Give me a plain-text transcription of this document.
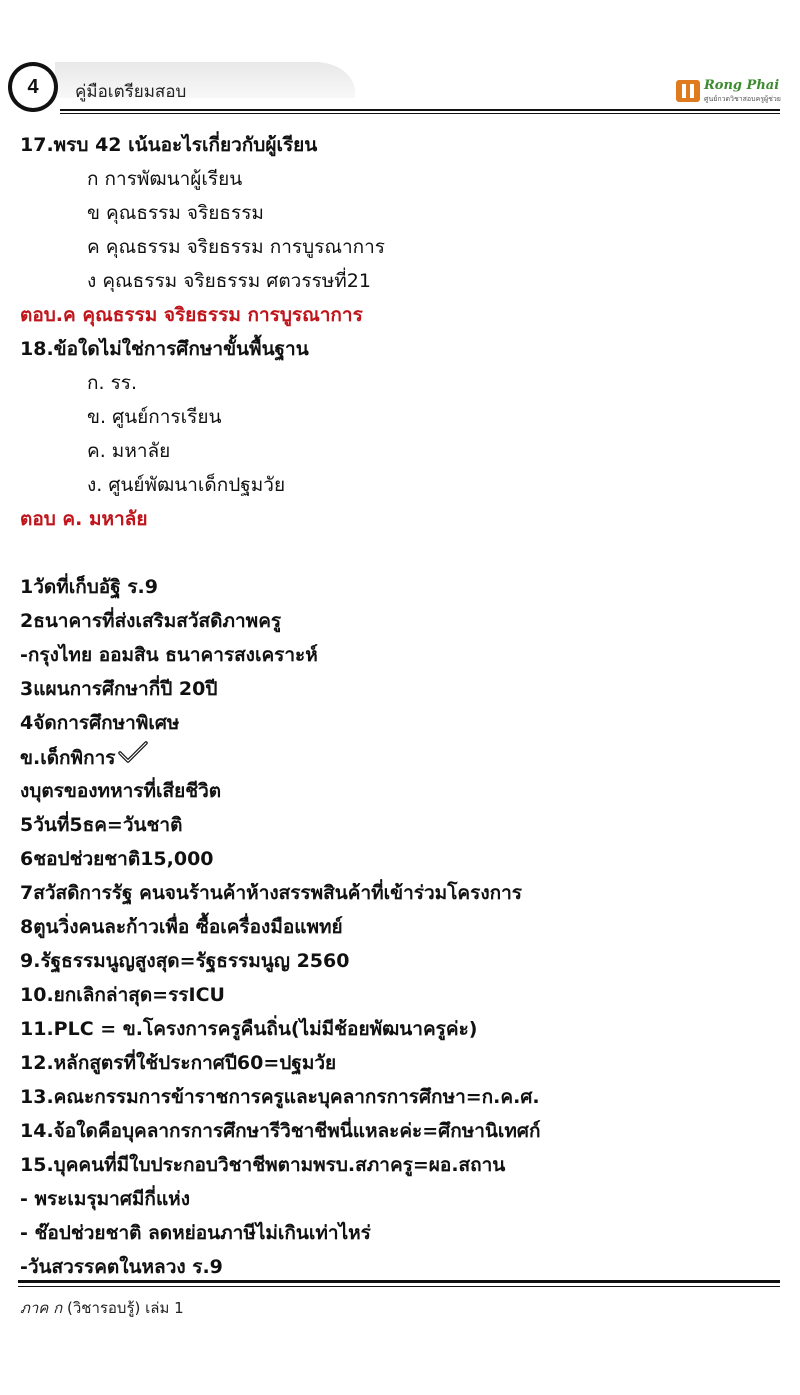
4	คู่มือเตรียมสอบ	Rong Phai
ศูนย์กวดวิชาสอบครูผู้ช่วย
17.พรบ 42 เน้นอะไรเกี่ยวกับผู้เรียน
ก การพัฒนาผู้เรียน
ข คุณธรรม จริยธรรม
ค คุณธรรม จริยธรรม การบูรณาการ
ง คุณธรรม จริยธรรม ศตวรรษที่21
ตอบ.ค คุณธรรม จริยธรรม การบูรณาการ
18.ข้อใดไม่ใช่การศึกษาขั้นพื้นฐาน
ก. รร.
ข. ศูนย์การเรียน
ค. มหาลัย
ง. ศูนย์พัฒนาเด็กปฐมวัย
ตอบ ค. มหาลัย
1วัดที่เก็บอัฐิ ร.9
2ธนาคารที่ส่งเสริมสวัสดิภาพครู
-กรุงไทย ออมสิน ธนาคารสงเคราะห์
3แผนการศึกษากี่ปี 20ปี
4จัดการศึกษาพิเศษ
ข.เด็กพิการ
งบุตรของทหารที่เสียชีวิต
5วันที่5ธค=วันชาติ
6ชอปช่วยชาติ15,000
7สวัสดิการรัฐ คนจนร้านค้าห้างสรรพสินค้าที่เข้าร่วมโครงการ
8ตูนวิ่งคนละก้าวเพื่อ ซื้อเครื่องมือแพทย์
9.รัฐธรรมนูญสูงสุด=รัฐธรรมนูญ 2560
10.ยกเลิกล่าสุด=รรICU
11.PLC = ข.โครงการครูคืนถิ่น(ไม่มีช้อยพัฒนาครูค่ะ)
12.หลักสูตรที่ใช้ประกาศปี60=ปฐมวัย
13.คณะกรรมการข้าราชการครูและบุคลากรการศึกษา=ก.ค.ศ.
14.จ้อใดคือบุคลากรการศึกษารีวิชาชีพนี่แหละค่ะ=ศึกษานิเทศก์
15.บุคคนที่มีใบประกอบวิชาชีพตามพรบ.สภาครู=ผอ.สถาน
- พระเมรุมาศมีกี่แห่ง
- ช๊อปช่วยชาติ ลดหย่อนภาษีไม่เกินเท่าไหร่
-วันสวรรคตในหลวง ร.9
ภาค ก (วิชารอบรู้) เล่ม 1
